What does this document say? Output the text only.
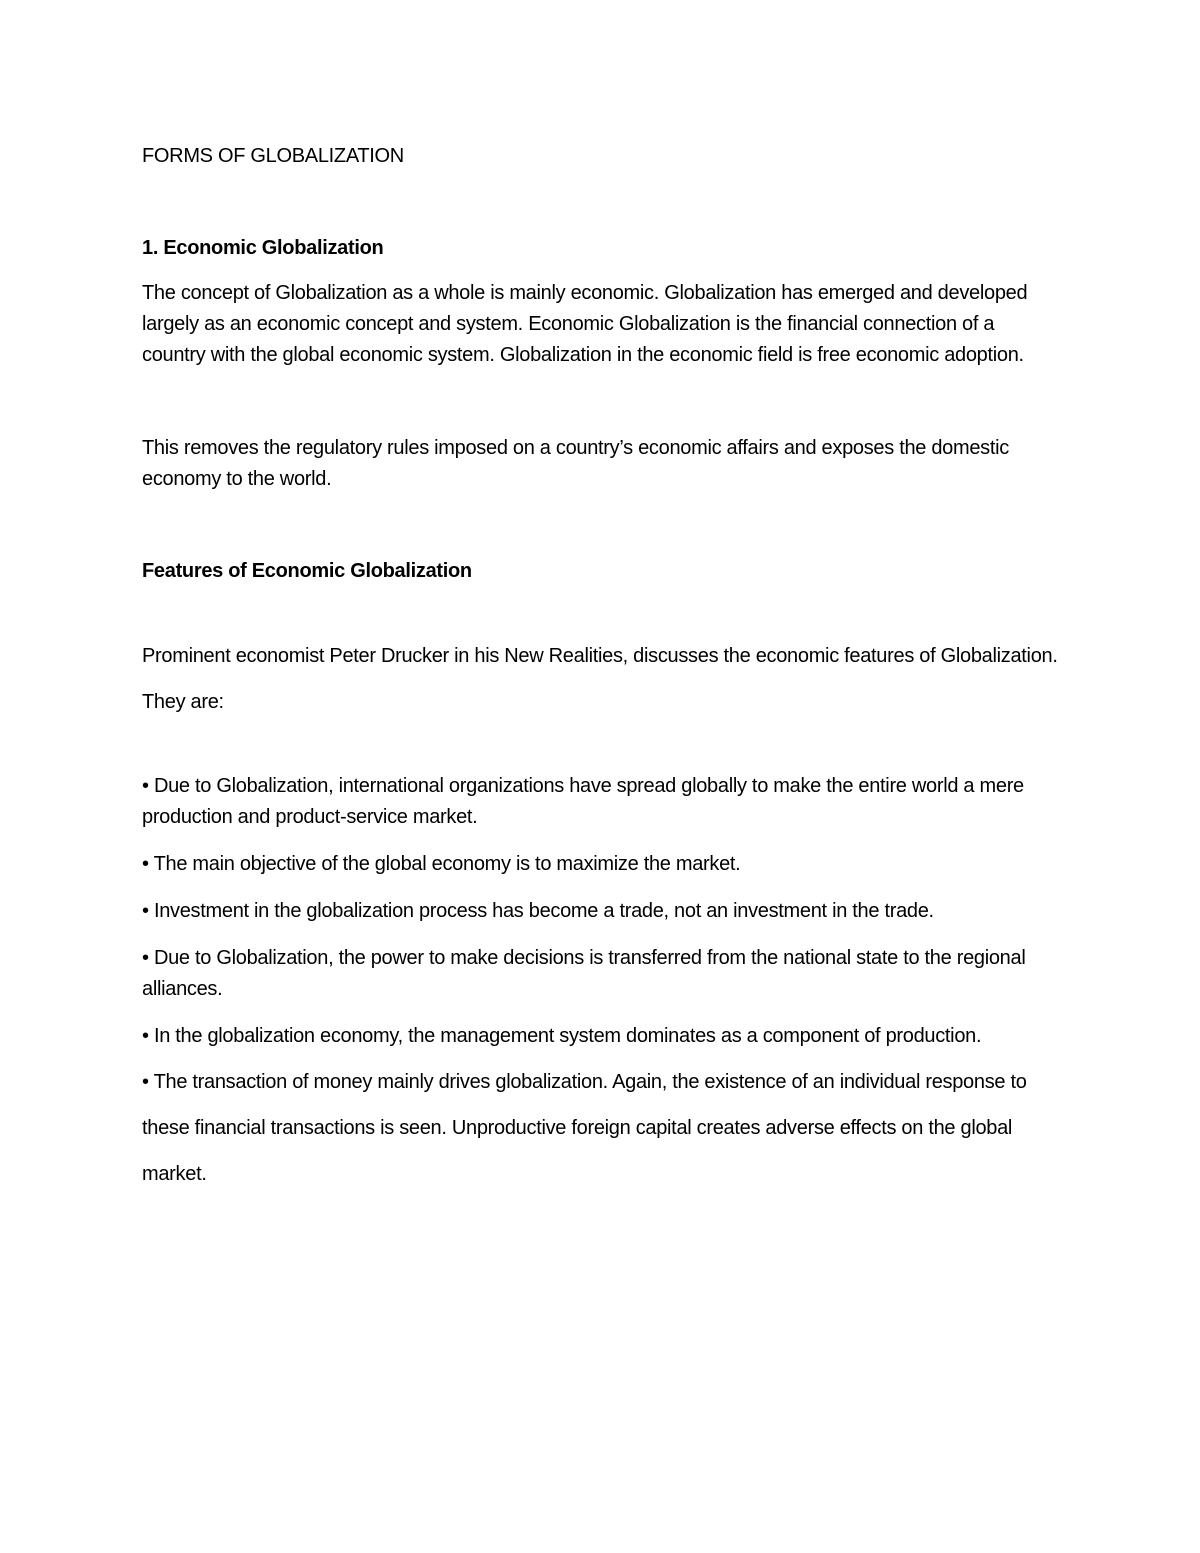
FORMS OF GLOBALIZATION
1. Economic Globalization

The concept of Globalization as a whole is mainly economic. Globalization has emerged and developed largely as an economic concept and system. Economic Globalization is the financial connection of a country with the global economic system. Globalization in the economic field is free economic adoption.

This removes the regulatory rules imposed on a country’s economic affairs and exposes the domestic economy to the world.

Features of Economic Globalization

Prominent economist Peter Drucker in his New Realities, discusses the economic features of Globalization. They are:

• Due to Globalization, international organizations have spread globally to make the entire world a mere production and product-service market.

• The main objective of the global economy is to maximize the market.

• Investment in the globalization process has become a trade, not an investment in the trade.

• Due to Globalization, the power to make decisions is transferred from the national state to the regional alliances.

• In the globalization economy, the management system dominates as a component of production.

• The transaction of money mainly drives globalization. Again, the existence of an individual response to these financial transactions is seen. Unproductive foreign capital creates adverse effects on the global market.
